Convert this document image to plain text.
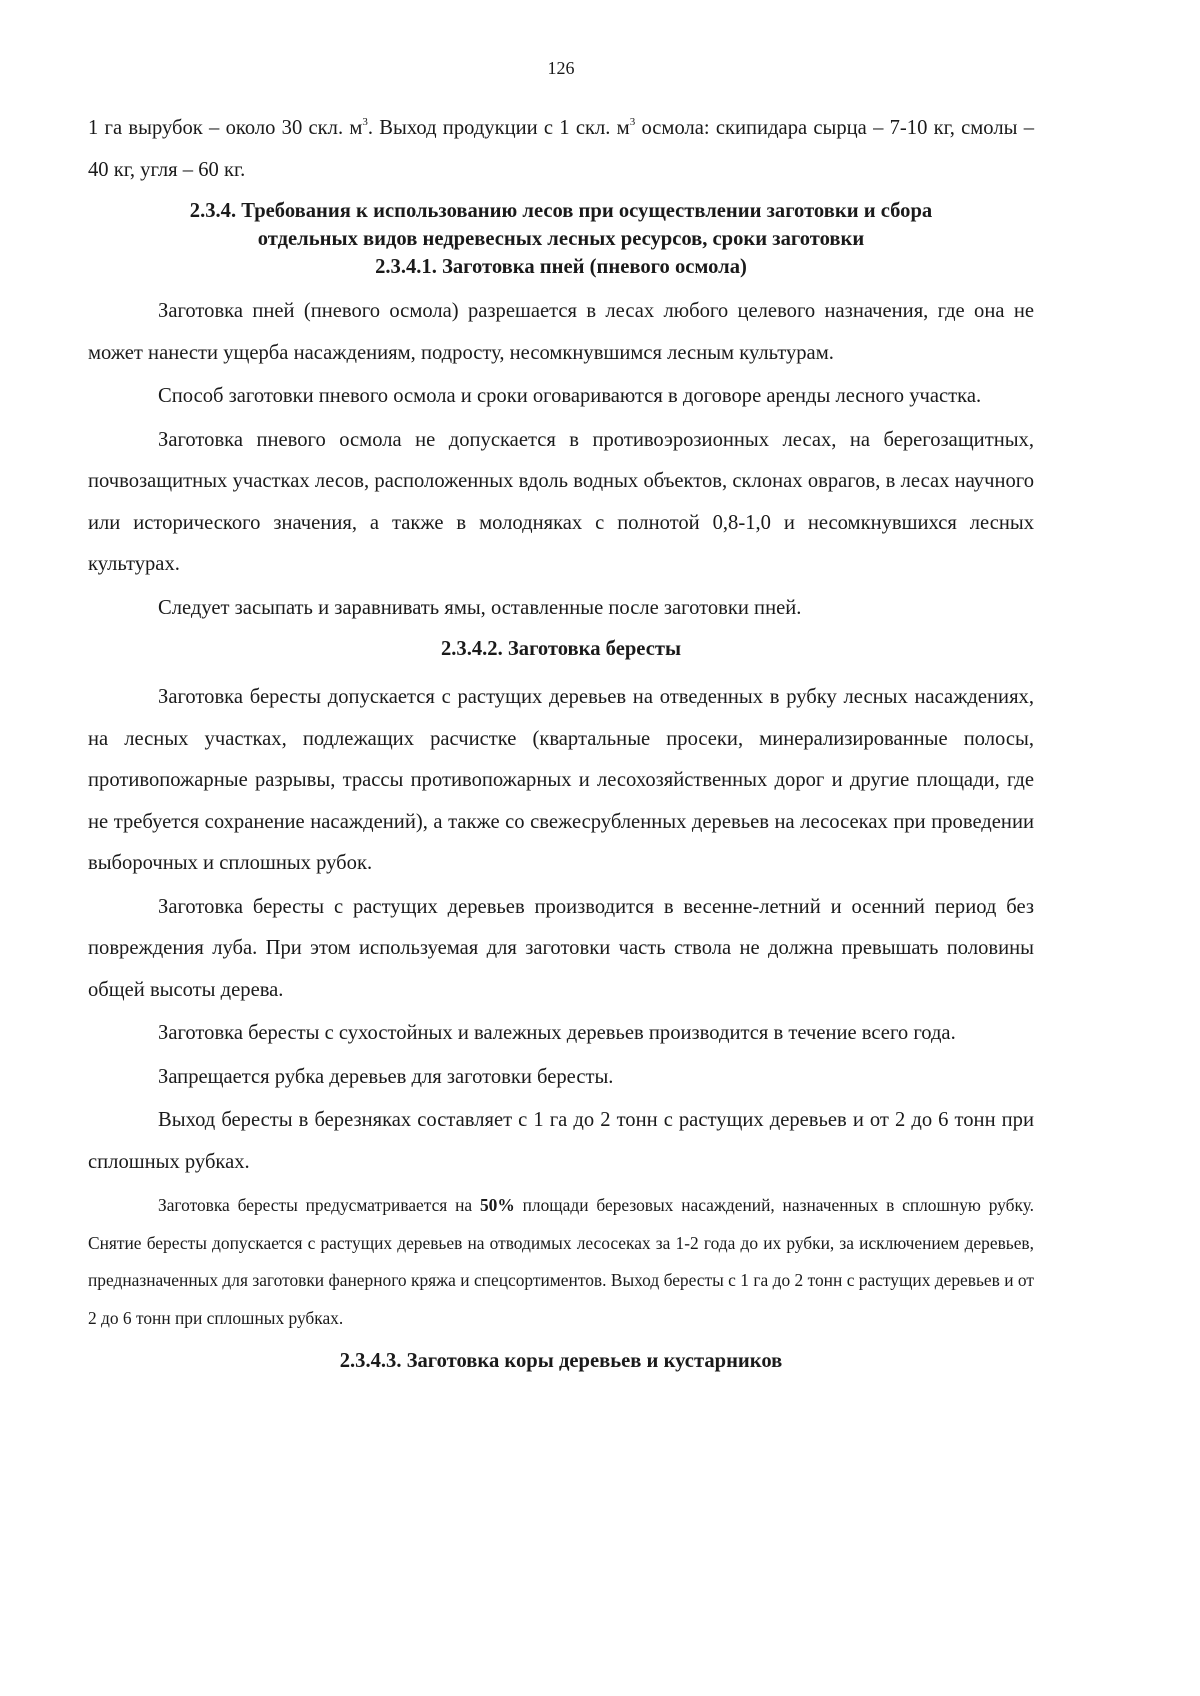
126

1 га вырубок – около 30 скл. $м^3$. Выход продукции с 1 скл. $м^3$ осмола: скипидара сырца – 7-10 кг, смолы – 40 кг, угля – 60 кг.

2.3.4. Требования к использованию лесов при осуществлении заготовки и сбора
отдельных видов недревесных лесных ресурсов, сроки заготовки
2.3.4.1. Заготовка пней (пневого осмола)

Заготовка пней (пневого осмола) разрешается в лесах любого целевого назначения, где она не может нанести ущерба насаждениям, подросту, несомкнувшимся лесным культурам.

Способ заготовки пневого осмола и сроки оговариваются в договоре аренды лесного участка.

Заготовка пневого осмола не допускается в противоэрозионных лесах, на берегозащитных, почвозащитных участках лесов, расположенных вдоль водных объектов, склонах оврагов, в лесах научного или исторического значения, а также в молодняках с полнотой 0,8-1,0 и несомкнувшихся лесных культурах.

Следует засыпать и заравнивать ямы, оставленные после заготовки пней.

2.3.4.2. Заготовка бересты

Заготовка бересты допускается с растущих деревьев на отведенных в рубку лесных насаждениях, на лесных участках, подлежащих расчистке (квартальные просеки, минерализированные полосы, противопожарные разрывы, трассы противопожарных и лесохозяйственных дорог и другие площади, где не требуется сохранение насаждений), а также со свежесрубленных деревьев на лесосеках при проведении выборочных и сплошных рубок.

Заготовка бересты с растущих деревьев производится в весенне-летний и осенний период без повреждения луба. При этом используемая для заготовки часть ствола не должна превышать половины общей высоты дерева.

Заготовка бересты с сухостойных и валежных деревьев производится в течение всего года.

Запрещается рубка деревьев для заготовки бересты.

Выход бересты в березняках составляет с 1 га до 2 тонн с растущих деревьев и от 2 до 6 тонн при сплошных рубках.

Заготовка бересты предусматривается на 50% площади березовых насаждений, назначенных в сплошную рубку. Снятие бересты допускается с растущих деревьев на отводимых лесосеках за 1-2 года до их рубки, за исключением деревьев, предназначенных для заготовки фанерного кряжа и спецсортиментов. Выход бересты с 1 га до 2 тонн с растущих деревьев и от 2 до 6 тонн при сплошных рубках.

2.3.4.3. Заготовка коры деревьев и кустарников
